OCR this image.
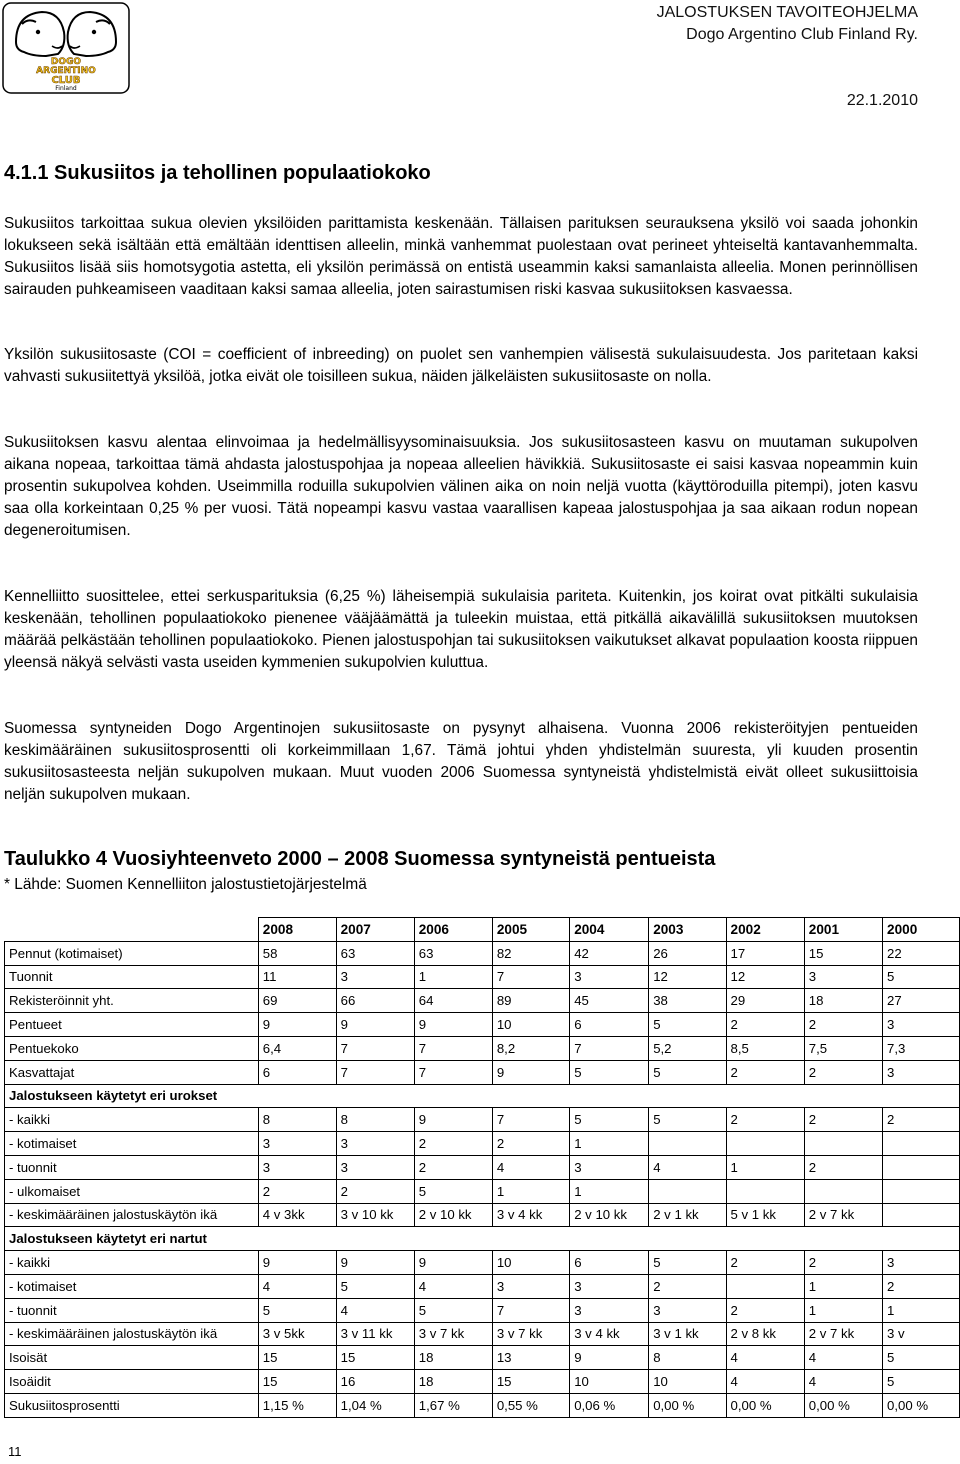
DOGO
ARGENTINO
CLUB
Finland
JALOSTUKSEN TAVOITEOHJELMA
Dogo Argentino Club Finland Ry.
22.1.2010
4.1.1 Sukusiitos ja tehollinen populaatiokoko

Sukusiitos tarkoittaa sukua olevien yksilöiden parittamista keskenään. Tällaisen parituksen seurauksena yksilö voi saada johonkin lokukseen sekä isältään että emältään identtisen alleelin, minkä vanhemmat puolestaan ovat perineet yhteiseltä kantavanhemmalta. Sukusiitos lisää siis homotsygotia astetta, eli yksilön perimässä on entistä useammin kaksi samanlaista alleelia. Monen perinnöllisen sairauden puhkeamiseen vaaditaan kaksi samaa alleelia, joten sairastumisen riski kasvaa sukusiitoksen kasvaessa.

Yksilön sukusiitosaste (COI = coefficient of inbreeding) on puolet sen vanhempien välisestä sukulaisuudesta. Jos paritetaan kaksi vahvasti sukusiitettyä yksilöä, jotka eivät ole toisilleen sukua, näiden jälkeläisten sukusiitosaste on nolla.

Sukusiitoksen kasvu alentaa elinvoimaa ja hedelmällisyysominaisuuksia. Jos sukusiitosasteen kasvu on muutaman sukupolven aikana nopeaa, tarkoittaa tämä ahdasta jalostuspohjaa ja nopeaa alleelien hävikkiä. Sukusiitosaste ei saisi kasvaa nopeammin kuin prosentin sukupolvea kohden. Useimmilla roduilla sukupolvien välinen aika on noin neljä vuotta (käyttöroduilla pitempi), joten kasvu saa olla korkeintaan 0,25 % per vuosi. Tätä nopeampi kasvu vastaa vaarallisen kapeaa jalostuspohjaa ja saa aikaan rodun nopean degeneroitumisen.

Kennelliitto suosittelee, ettei serkusparituksia (6,25 %) läheisempiä sukulaisia pariteta. Kuitenkin, jos koirat ovat pitkälti sukulaisia keskenään, tehollinen populaatiokoko pienenee vääjäämättä ja tuleekin muistaa, että pitkällä aikavälillä sukusiitoksen muutoksen määrää pelkästään tehollinen populaatiokoko. Pienen jalostuspohjan tai sukusiitoksen vaikutukset alkavat populaation koosta riippuen yleensä näkyä selvästi vasta useiden kymmenien sukupolvien kuluttua.

Suomessa syntyneiden Dogo Argentinojen sukusiitosaste on pysynyt alhaisena. Vuonna 2006 rekisteröityjen pentueiden keskimääräinen sukusiitosprosentti oli korkeimmillaan 1,67. Tämä johtui yhden yhdistelmän suuresta, yli kuuden prosentin sukusiitosasteesta neljän sukupolven mukaan. Muut vuoden 2006 Suomessa syntyneistä yhdistelmistä eivät olleet sukusiittoisia neljän sukupolven mukaan.

Taulukko 4 Vuosiyhteenveto 2000 – 2008 Suomessa syntyneistä pentueista

* Lähde: Suomen Kennelliiton jalostustietojärjestelmä

	2008	2007	2006	2005	2004	2003	2002	2001	2000
Pennut (kotimaiset)	58	63	63	82	42	26	17	15	22
Tuonnit	11	3	1	7	3	12	12	3	5
Rekisteröinnit yht.	69	66	64	89	45	38	29	18	27
Pentueet	9	9	9	10	6	5	2	2	3
Pentuekoko	6,4	7	7	8,2	7	5,2	8,5	7,5	7,3
Kasvattajat	6	7	7	9	5	5	2	2	3
Jalostukseen käytetyt eri urokset									
- kaikki	8	8	9	7	5	5	2	2	2
- kotimaiset	3	3	2	2	1				
- tuonnit	3	3	2	4	3	4	1	2	
- ulkomaiset	2	2	5	1	1				
- keskimääräinen jalostuskäytön ikä	4 v 3kk	3 v 10 kk	2 v 10 kk	3 v 4 kk	2 v 10 kk	2 v 1 kk	5 v 1 kk	2 v 7 kk	
Jalostukseen käytetyt eri nartut									
- kaikki	9	9	9	10	6	5	2	2	3
- kotimaiset	4	5	4	3	3	2		1	2
- tuonnit	5	4	5	7	3	3	2	1	1
- keskimääräinen jalostuskäytön ikä	3 v 5kk	3 v 11 kk	3 v 7 kk	3 v 7 kk	3 v 4 kk	3 v 1 kk	2 v 8 kk	2 v 7 kk	3 v
Isoisät	15	15	18	13	9	8	4	4	5
Isoäidit	15	16	18	15	10	10	4	4	5
Sukusiitosprosentti	1,15 %	1,04 %	1,67 %	0,55 %	0,06 %	0,00 %	0,00 %	0,00 %	0,00 %
11
